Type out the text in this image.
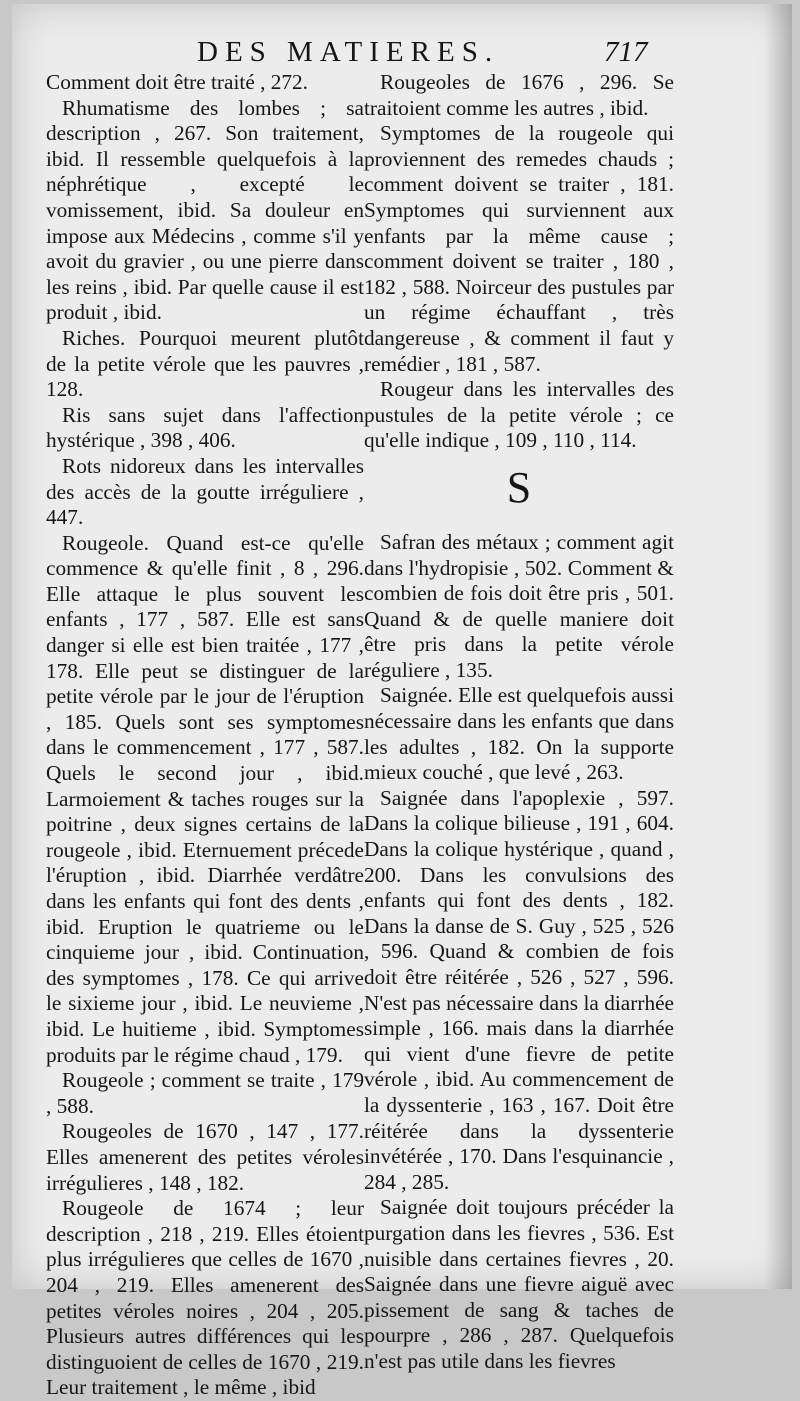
DES MATIERES.	717

Comment doit être traité , 272.

Rhumatisme des lombes ; sa description , 267. Son traitement, ibid. Il ressemble quelquefois à la néphrétique , excepté le vomissement, ibid. Sa douleur en impose aux Médecins , comme s'il y avoit du gravier , ou une pierre dans les reins , ibid. Par quelle cause il est produit , ibid.

Riches. Pourquoi meurent plutôt de la petite vérole que les pauvres , 128.

Ris sans sujet dans l'affection hystérique , 398 , 406.

Rots nidoreux dans les intervalles des accès de la goutte irréguliere , 447.

Rougeole. Quand est-ce qu'elle commence & qu'elle finit , 8 , 296. Elle attaque le plus souvent les enfants , 177 , 587. Elle est sans danger si elle est bien traitée , 177 , 178. Elle peut se distinguer de la petite vérole par le jour de l'éruption , 185. Quels sont ses symptomes dans le commencement , 177 , 587. Quels le second jour , ibid. Larmoiement & taches rouges sur la poitrine , deux signes certains de la rougeole , ibid. Eternuement précede l'éruption , ibid. Diarrhée verdâtre dans les enfants qui font des dents , ibid. Eruption le quatrieme ou le cinquieme jour , ibid. Continuation des symptomes , 178. Ce qui arrive le sixieme jour , ibid. Le neuvieme , ibid. Le huitieme , ibid. Symptomes produits par le régime chaud , 179.

Rougeole ; comment se traite , 179 , 588.

Rougeoles de 1670 , 147 , 177. Elles amenerent des petites véroles irrégulieres , 148 , 182.

Rougeole de 1674 ; leur description , 218 , 219. Elles étoient plus irrégulieres que celles de 1670 , 204 , 219. Elles amenerent des petites véroles noires , 204 , 205. Plusieurs autres différences qui les distinguoient de celles de 1670 , 219. Leur traitement , le même , ibid

Rougeoles de 1676 , 296. Se traitoient comme les autres , ibid.

Symptomes de la rougeole qui proviennent des remedes chauds ; comment doivent se traiter , 181. Symptomes qui surviennent aux enfants par la même cause ; comment doivent se traiter , 180 , 182 , 588. Noirceur des pustules par un régime échauffant , très dangereuse , & comment il faut y remédier , 181 , 587.

Rougeur dans les intervalles des pustules de la petite vérole ; ce qu'elle indique , 109 , 110 , 114.

S

Safran des métaux ; comment agit dans l'hydropisie , 502. Comment & combien de fois doit être pris , 501. Quand & de quelle maniere doit être pris dans la petite vérole réguliere , 135.

Saignée. Elle est quelquefois aussi nécessaire dans les enfants que dans les adultes , 182. On la supporte mieux couché , que levé , 263.

Saignée dans l'apoplexie , 597. Dans la colique bilieuse , 191 , 604. Dans la colique hystérique , quand , 200. Dans les convulsions des enfants qui font des dents , 182. Dans la danse de S. Guy , 525 , 526 , 596. Quand & combien de fois doit être réitérée , 526 , 527 , 596. N'est pas nécessaire dans la diarrhée simple , 166. mais dans la diarrhée qui vient d'une fievre de petite vérole , ibid. Au commencement de la dyssenterie , 163 , 167. Doit être réitérée dans la dyssenterie invétérée , 170. Dans l'esquinancie , 284 , 285.

Saignée doit toujours précéder la purgation dans les fievres , 536. Est nuisible dans certaines fievres , 20. Saignée dans une fievre aiguë avec pissement de sang & taches de pourpre , 286 , 287. Quelquefois n'est pas utile dans les fievres
